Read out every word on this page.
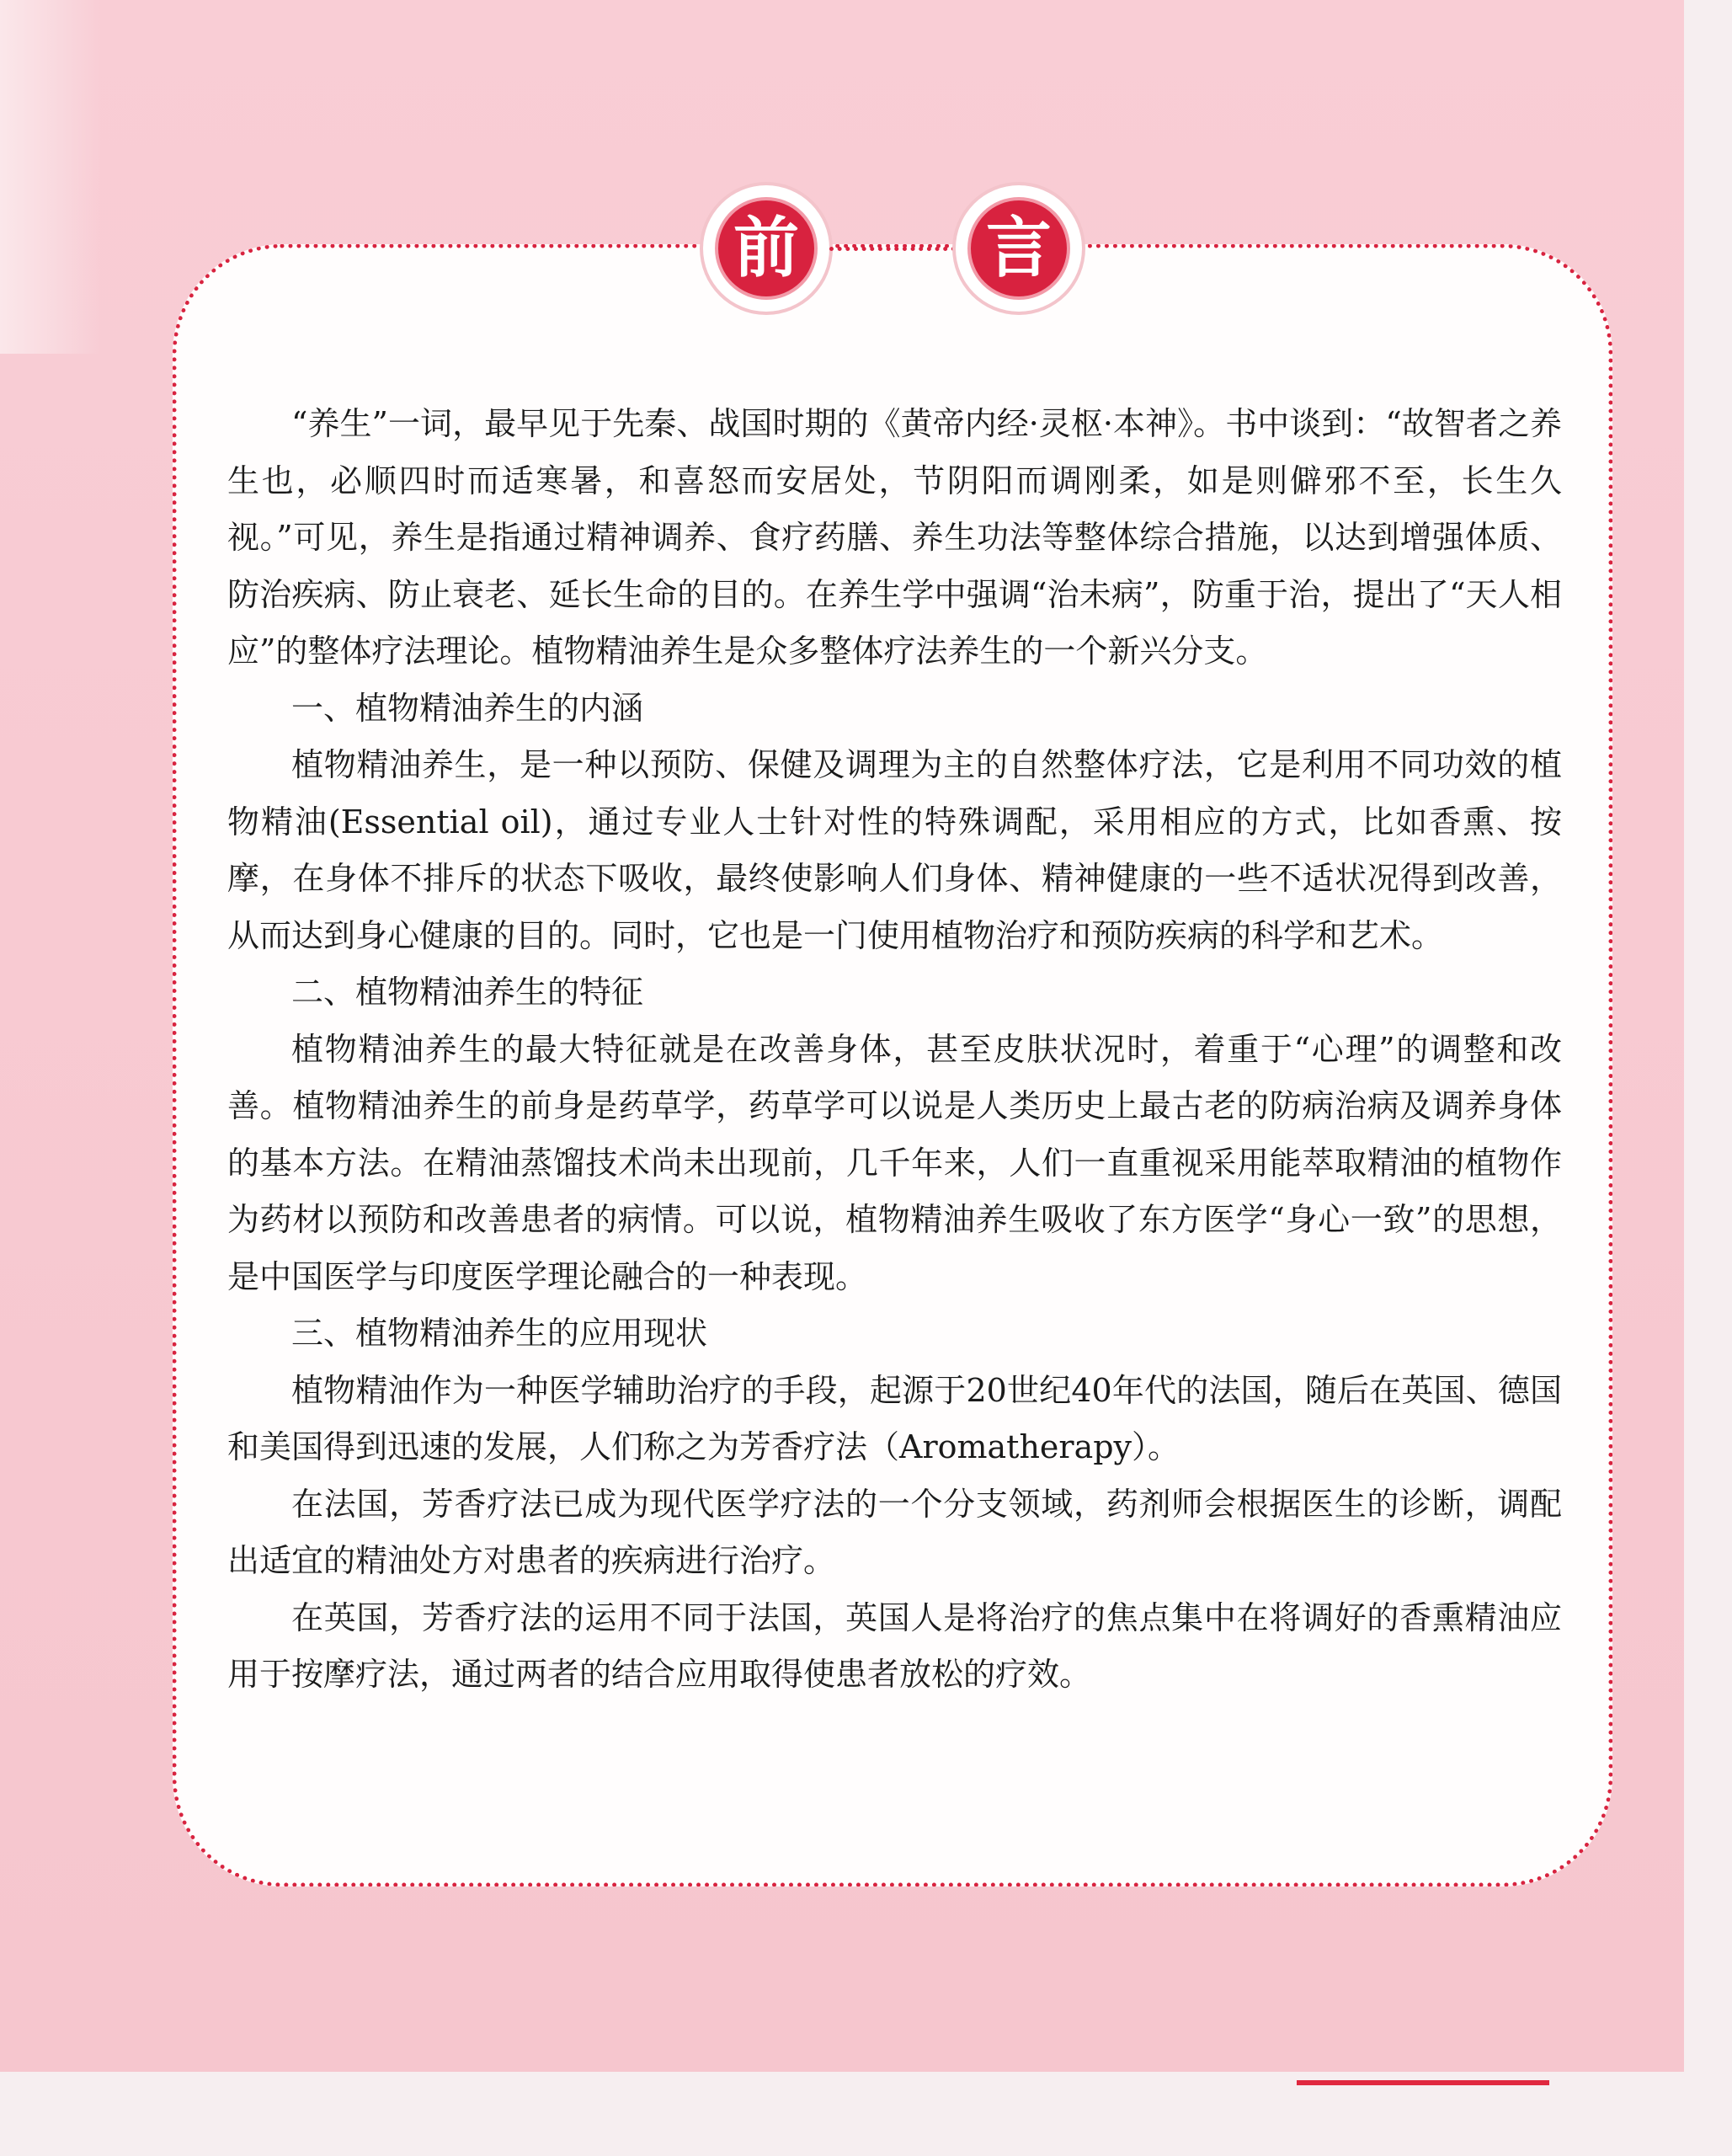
前	言

“养生”一词，最早见于先秦、战国时期的《黄帝内经·灵枢·本神》。书中谈到：“故智者之养生也，必顺四时而适寒暑，和喜怒而安居处，节阴阳而调刚柔，如是则僻邪不至，长生久视。”可见，养生是指通过精神调养、食疗药膳、养生功法等整体综合措施，以达到增强体质、防治疾病、防止衰老、延长生命的目的。在养生学中强调“治未病”，防重于治，提出了“天人相应”的整体疗法理论。植物精油养生是众多整体疗法养生的一个新兴分支。

一、植物精油养生的内涵

植物精油养生，是一种以预防、保健及调理为主的自然整体疗法，它是利用不同功效的植物精油(Essential oil)，通过专业人士针对性的特殊调配，采用相应的方式，比如香熏、按摩，在身体不排斥的状态下吸收，最终使影响人们身体、精神健康的一些不适状况得到改善，从而达到身心健康的目的。同时，它也是一门使用植物治疗和预防疾病的科学和艺术。

二、植物精油养生的特征

植物精油养生的最大特征就是在改善身体，甚至皮肤状况时，着重于“心理”的调整和改善。植物精油养生的前身是药草学，药草学可以说是人类历史上最古老的防病治病及调养身体的基本方法。在精油蒸馏技术尚未出现前，几千年来，人们一直重视采用能萃取精油的植物作为药材以预防和改善患者的病情。可以说，植物精油养生吸收了东方医学“身心一致”的思想，是中国医学与印度医学理论融合的一种表现。

三、植物精油养生的应用现状

植物精油作为一种医学辅助治疗的手段，起源于20世纪40年代的法国，随后在英国、德国和美国得到迅速的发展，人们称之为芳香疗法（Aromatherapy）。

在法国，芳香疗法已成为现代医学疗法的一个分支领域，药剂师会根据医生的诊断，调配出适宜的精油处方对患者的疾病进行治疗。

在英国，芳香疗法的运用不同于法国，英国人是将治疗的焦点集中在将调好的香熏精油应用于按摩疗法，通过两者的结合应用取得使患者放松的疗效。
